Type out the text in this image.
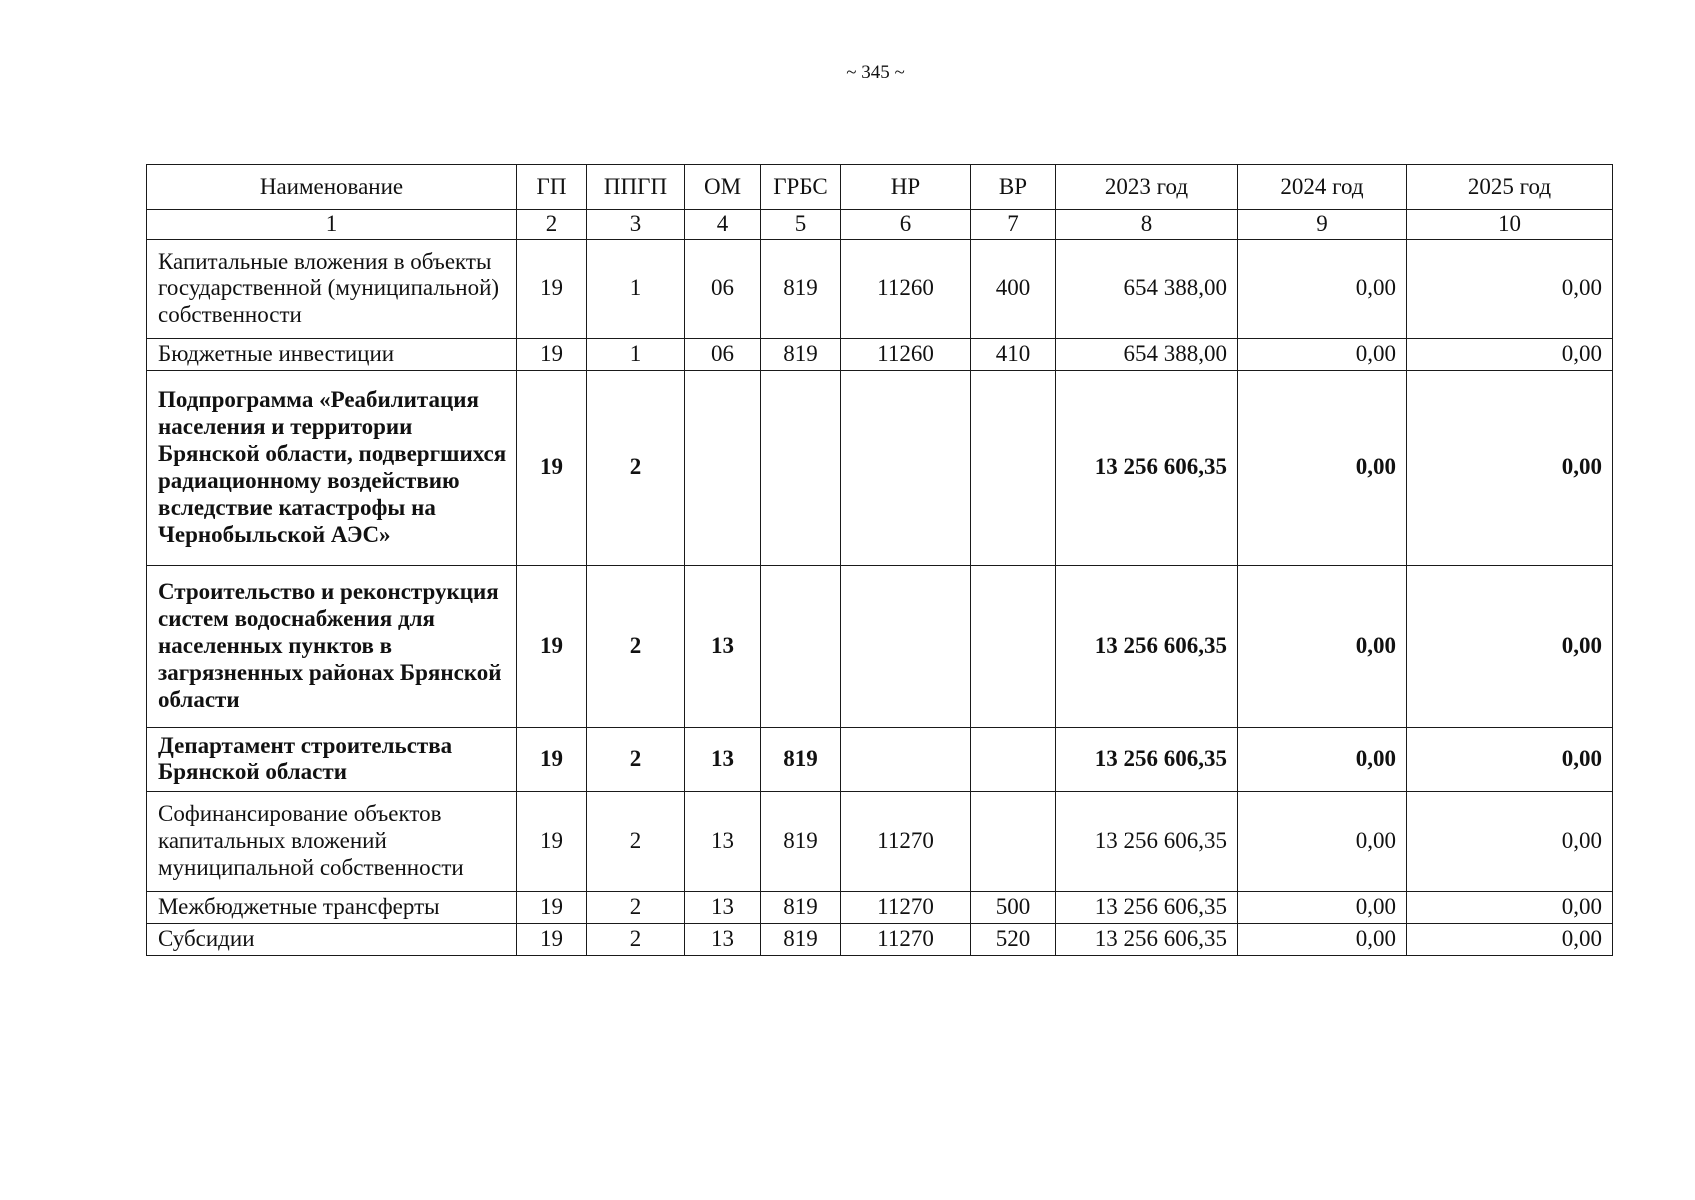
~ 345 ~
Наименование	ГП	ППГП	ОМ	ГРБС	НР	ВР	2023 год	2024 год	2025 год
1	2	3	4	5	6	7	8	9	10
Капитальные вложения в объекты государственной (муниципальной) собственности	19	1	06	819	11260	400	654 388,00	0,00	0,00
Бюджетные инвестиции	19	1	06	819	11260	410	654 388,00	0,00	0,00
Подпрограмма «Реабилитация населения и территории Брянской области, подвергшихся радиационному воздействию вследствие катастрофы на Чернобыльской АЭС»	19	2					13 256 606,35	0,00	0,00
Строительство и реконструкция систем водоснабжения для населенных пунктов в загрязненных районах Брянской области	19	2	13				13 256 606,35	0,00	0,00
Департамент строительства Брянской области	19	2	13	819			13 256 606,35	0,00	0,00
Софинансирование объектов капитальных вложений муниципальной собственности	19	2	13	819	11270		13 256 606,35	0,00	0,00
Межбюджетные трансферты	19	2	13	819	11270	500	13 256 606,35	0,00	0,00
Субсидии	19	2	13	819	11270	520	13 256 606,35	0,00	0,00
